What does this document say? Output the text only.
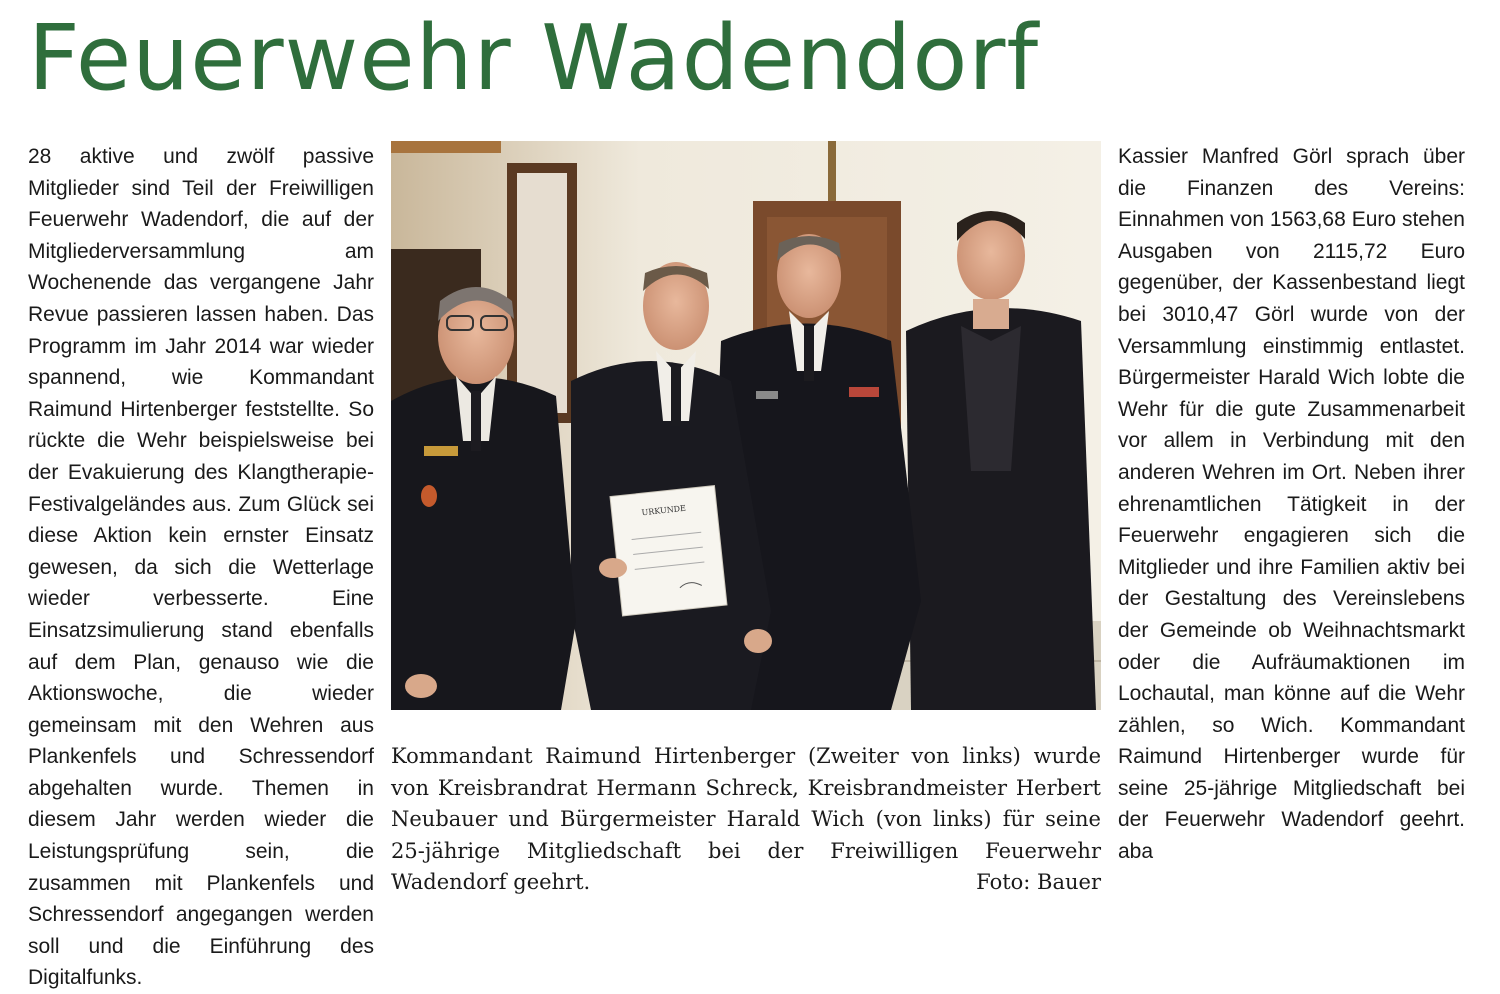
Feuerwehr Wadendorf

28 aktive und zwölf passive Mitglieder sind Teil der Freiwilligen Feuerwehr Wadendorf, die auf der Mitgliederversammlung am Wochenende das vergangene Jahr Revue passieren lassen haben. Das Programm im Jahr 2014 war wieder spannend, wie Kommandant Raimund Hirtenberger feststellte. So rückte die Wehr beispielsweise bei der Evakuierung des Klangtherapie-Festivalgeländes aus. Zum Glück sei diese Aktion kein ernster Einsatz gewesen, da sich die Wetterlage wieder verbesserte. Eine Einsatzsimulierung stand ebenfalls auf dem Plan, genauso wie die Aktionswoche, die wieder gemeinsam mit den Wehren aus Plankenfels und Schressendorf abgehalten wurde. Themen in diesem Jahr werden wieder die Leistungsprüfung sein, die zusammen mit Plankenfels und Schressendorf angegangen werden soll und die Einführung des Digitalfunks.

URKUNDE
Kommandant Raimund Hirtenberger (Zweiter von links) wurde von Kreisbrandrat Hermann Schreck, Kreisbrandmeister Herbert Neubauer und Bürgermeister Harald Wich (von links) für seine 25-jährige Mitgliedschaft bei der Freiwilligen Feuerwehr Wadendorf geehrt.	Foto: Bauer

Kassier Manfred Görl sprach über die Finanzen des Vereins: Einnahmen von 1563,68 Euro stehen Ausgaben von 2115,72 Euro gegenüber, der Kassenbestand liegt bei 3010,47 Görl wurde von der Versammlung einstimmig entlastet. Bürgermeister Harald Wich lobte die Wehr für die gute Zusammenarbeit vor allem in Verbindung mit den anderen Wehren im Ort. Neben ihrer ehrenamtlichen Tätigkeit in der Feuerwehr engagieren sich die Mitglieder und ihre Familien aktiv bei der Gestaltung des Vereinslebens der Gemeinde ob Weihnachtsmarkt oder die Aufräumaktionen im Lochautal, man könne auf die Wehr zählen, so Wich. Kommandant Raimund Hirtenberger wurde für seine 25-jährige Mitgliedschaft bei der Feuerwehr Wadendorf geehrt. aba
